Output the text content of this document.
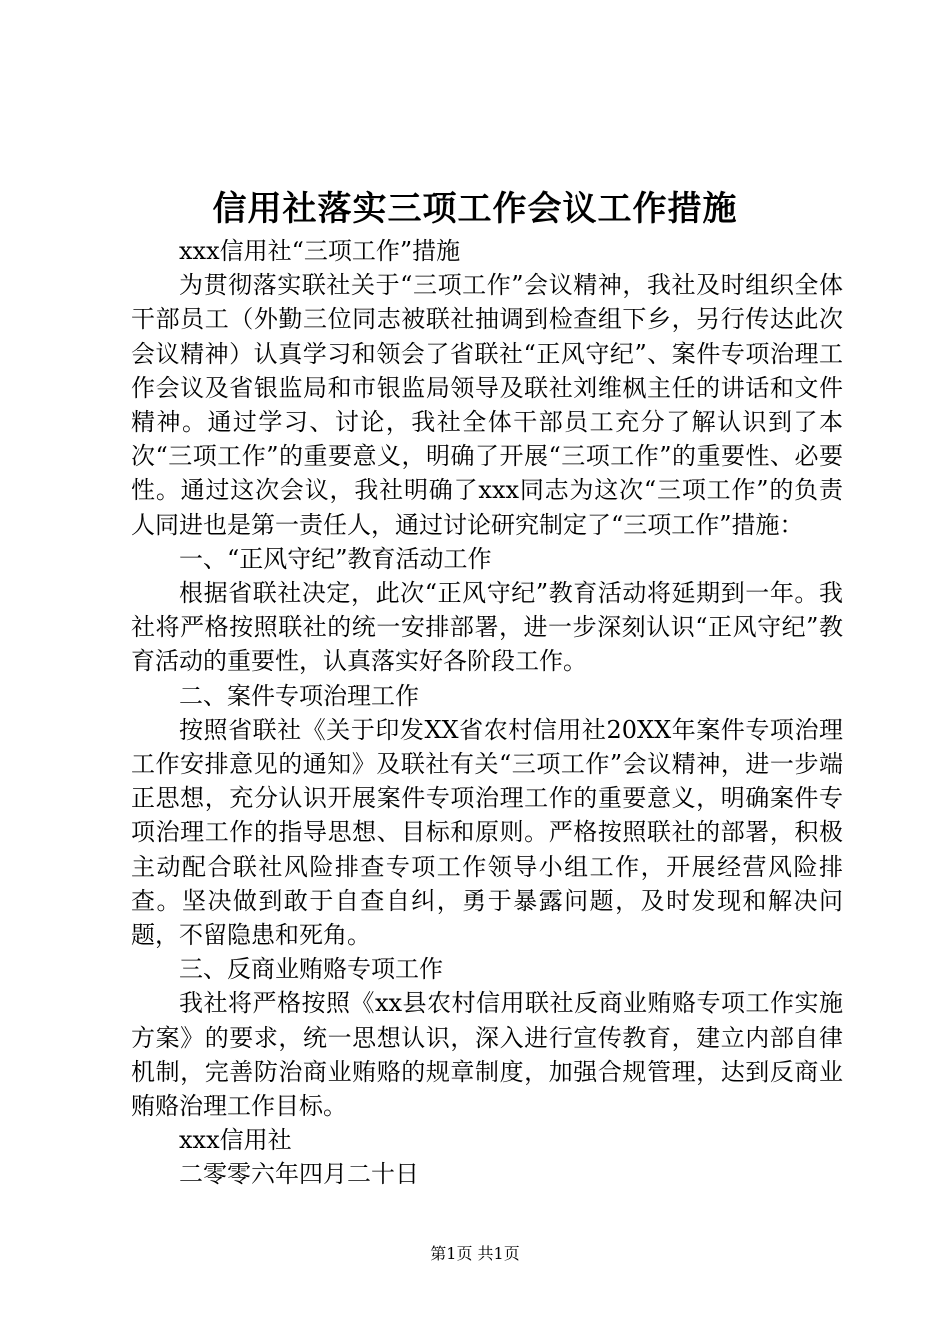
信用社落实三项工作会议工作措施

xxx信用社“三项工作”措施

为贯彻落实联社关于“三项工作”会议精神，我社及时组织全体干部员工（外勤三位同志被联社抽调到检查组下乡，另行传达此次会议精神）认真学习和领会了省联社“正风守纪”、案件专项治理工作会议及省银监局和市银监局领导及联社刘维枫主任的讲话和文件精神。通过学习、讨论，我社全体干部员工充分了解认识到了本次“三项工作”的重要意义，明确了开展“三项工作”的重要性、必要性。通过这次会议，我社明确了xxx同志为这次“三项工作”的负责人同进也是第一责任人，通过讨论研究制定了“三项工作”措施：

一、“正风守纪”教育活动工作

根据省联社决定，此次“正风守纪”教育活动将延期到一年。我社将严格按照联社的统一安排部署，进一步深刻认识“正风守纪”教育活动的重要性，认真落实好各阶段工作。

二、案件专项治理工作

按照省联社《关于印发XX省农村信用社20XX年案件专项治理工作安排意见的通知》及联社有关“三项工作”会议精神，进一步端正思想，充分认识开展案件专项治理工作的重要意义，明确案件专项治理工作的指导思想、目标和原则。严格按照联社的部署，积极主动配合联社风险排查专项工作领导小组工作，开展经营风险排查。坚决做到敢于自查自纠，勇于暴露问题，及时发现和解决问题，不留隐患和死角。

三、反商业贿赂专项工作

我社将严格按照《xx县农村信用联社反商业贿赂专项工作实施方案》的要求，统一思想认识，深入进行宣传教育，建立内部自律机制，完善防治商业贿赂的规章制度，加强合规管理，达到反商业贿赂治理工作目标。

xxx信用社

二零零六年四月二十日

第1页 共1页
